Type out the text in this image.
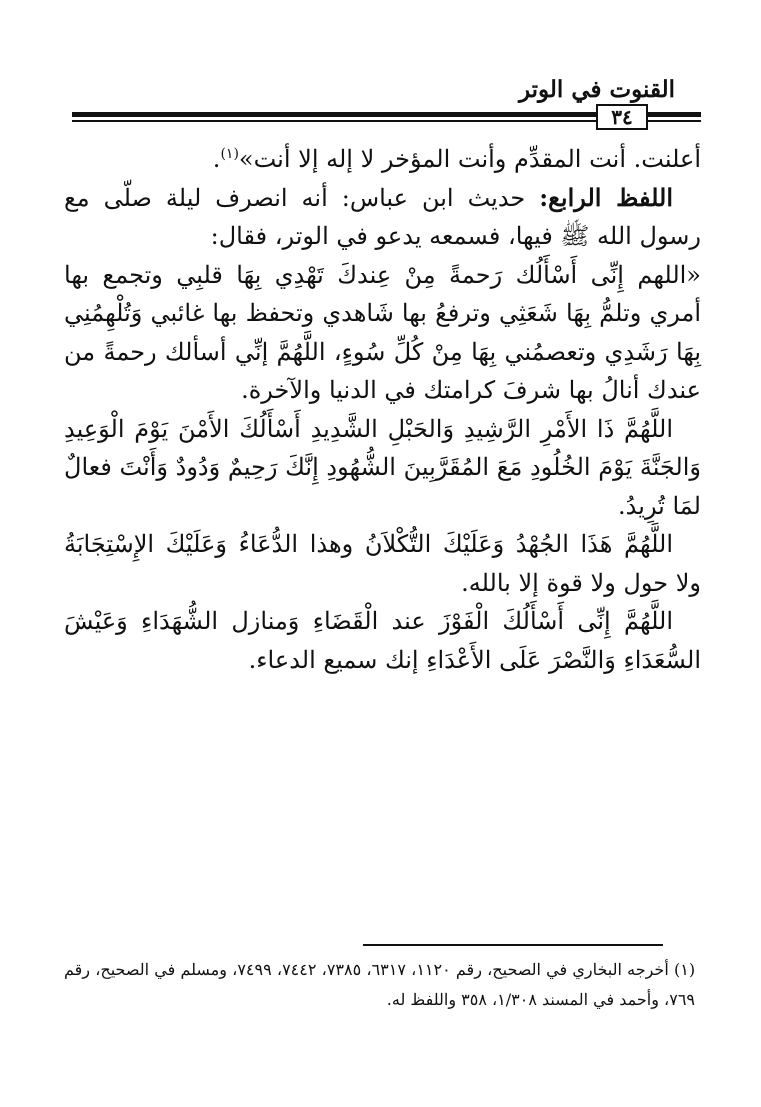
القنوت في الوتر
٣٤

أعلنت. أنت المقدِّم وأنت المؤخر لا إله إلا أنت»$^{(١)}$.

اللفظ الرابع: حديث ابن عباس: أنه انصرف ليلة صلّى مع رسول الله ﷺ فيها، فسمعه يدعو في الوتر، فقال:

«اللهم إِنِّى أَسْأَلُك رَحمةً مِنْ عِندكَ تَهْدِي بِهَا قلبِي وتجمع بها أمري وتلمُّ بِهَا شَعَثِي وترفعُ بها شَاهدي وتحفظ بها غائبي وَتُلْهِمُنِي بِهَا رَشَدِي وتعصمُني بِهَا مِنْ كُلِّ سُوءٍ، اللَّهُمَّ إنِّي أسألك رحمةً من عندك أنالُ بها شرفَ كرامتك في الدنيا والآخرة.

اللَّهُمَّ ذَا الأَمْرِ الرَّشِيدِ وَالحَبْلِ الشَّدِيدِ أَسْأَلُكَ الأَمْنَ يَوْمَ الْوَعِيدِ وَالجَنَّةَ يَوْمَ الخُلُودِ مَعَ المُقَرَّبِينَ الشُّهُودِ إِنَّكَ رَحِيمٌ وَدُودٌ وَأَنْتَ فعالٌ لمَا تُرِيدُ.

اللَّهُمَّ هَذَا الجُهْدُ وَعَلَيْكَ التُّكْلاَنُ وهذا الدُّعَاءُ وَعَلَيْكَ الإِسْتِجَابَةُ ولا حول ولا قوة إلا بالله.

اللَّهُمَّ إِنِّى أَسْأَلُكَ الْفَوْزَ عند الْقَضَاءِ وَمنازل الشُّهَدَاءِ وَعَيْشَ السُّعَدَاءِ وَالنَّصْرَ عَلَى الأَعْدَاءِ إنك سميع الدعاء.

(١) أخرجه البخاري في الصحيح، رقم ١١٢٠، ٦٣١٧، ٧٣٨٥، ٧٤٤٢، ٧٤٩٩، ومسلم في الصحيح، رقم ٧٦٩، وأحمد في المسند ١/٣٠٨، ٣٥٨ واللفظ له.
